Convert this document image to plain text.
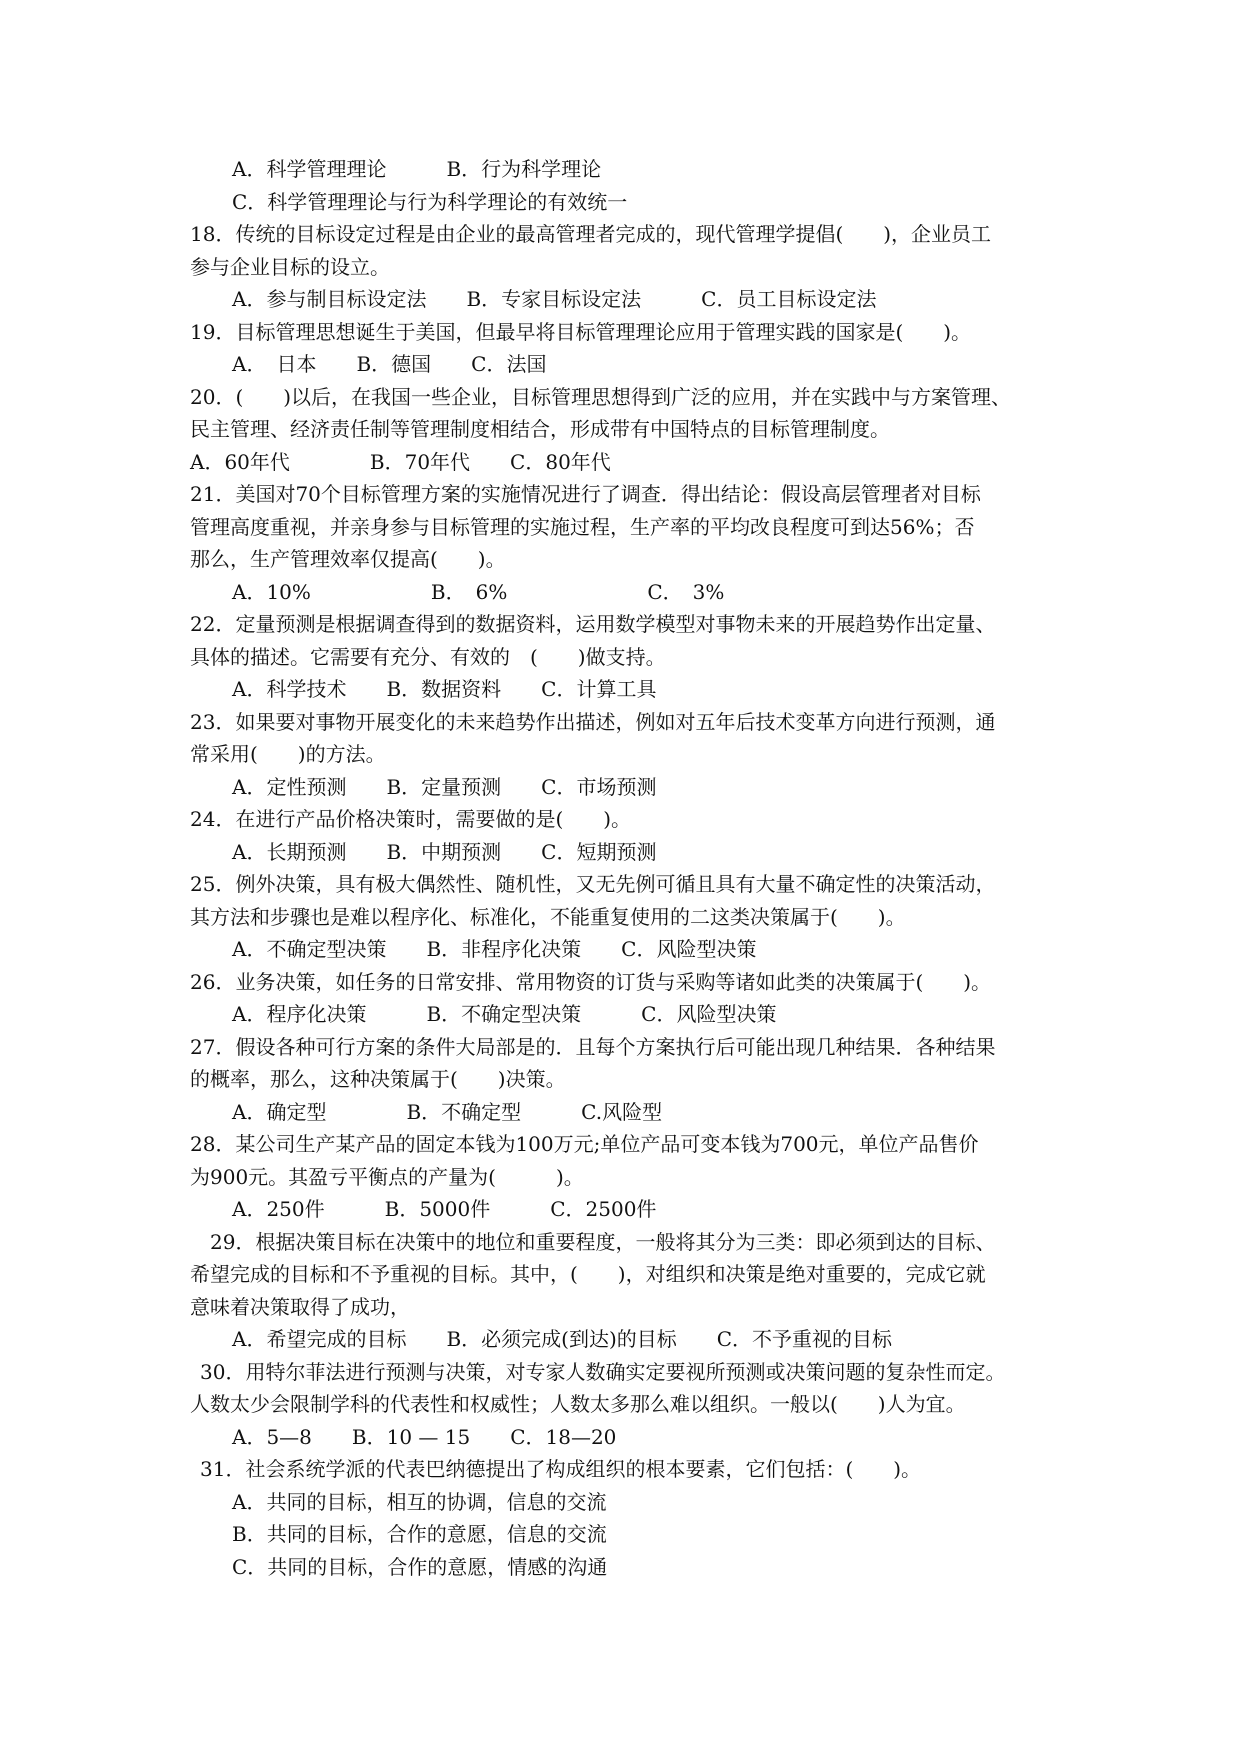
A．科学管理理论　　　B．行为科学理论
C．科学管理理论与行为科学理论的有效统一
18．传统的目标设定过程是由企业的最高管理者完成的，现代管理学提倡(　　)，企业员工
参与企业目标的设立。
A．参与制目标设定法　　B．专家目标设定法　　　C．员工目标设定法
19．目标管理思想诞生于美国，但最早将目标管理理论应用于管理实践的国家是(　　)。
A．　日本　　B．德国　　C．法国
20．(　　)以后，在我国一些企业，目标管理思想得到广泛的应用，并在实践中与方案管理、
民主管理、经济责任制等管理制度相结合，形成带有中国特点的目标管理制度。
A．60年代　　　　B．70年代　　C．80年代
21．美国对70个目标管理方案的实施情况进行了调查．得出结论：假设高层管理者对目标
管理高度重视，并亲身参与目标管理的实施过程，生产率的平均改良程度可到达56%；否
那么，生产管理效率仅提高(　　)。
A．10%　　　　　　B．　6%　　　　　　　C．　3%
22．定量预测是根据调查得到的数据资料，运用数学模型对事物未来的开展趋势作出定量、
具体的描述。它需要有充分、有效的　(　　)做支持。
A．科学技术　　B．数据资料　　C．计算工具
23．如果要对事物开展变化的未来趋势作出描述，例如对五年后技术变革方向进行预测，通
常采用(　　)的方法。
A．定性预测　　B．定量预测　　C．市场预测
24．在进行产品价格决策时，需要做的是(　　)。
A．长期预测　　B．中期预测　　C．短期预测
25．例外决策，具有极大偶然性、随机性，又无先例可循且具有大量不确定性的决策活动，
其方法和步骤也是难以程序化、标准化，不能重复使用的二这类决策属于(　　)。
A．不确定型决策　　B．非程序化决策　　C．风险型决策
26．业务决策，如任务的日常安排、常用物资的订货与采购等诸如此类的决策属于(　　)。
A．程序化决策　　　B．不确定型决策　　　C．风险型决策
27．假设各种可行方案的条件大局部是的．且每个方案执行后可能出现几种结果．各种结果
的概率，那么，这种决策属于(　　)决策。
A．确定型　　　　B．不确定型　　　C.风险型
28．某公司生产某产品的固定本钱为100万元;单位产品可变本钱为700元，单位产品售价
为900元。其盈亏平衡点的产量为(　　　)。
A．250件　　　B．5000件　　　C．2500件
29．根据决策目标在决策中的地位和重要程度，一般将其分为三类：即必须到达的目标、
希望完成的目标和不予重视的目标。其中，(　　)，对组织和决策是绝对重要的，完成它就
意味着决策取得了成功，
A．希望完成的目标　　B．必须完成(到达)的目标　　C．不予重视的目标
30．用特尔菲法进行预测与决策，对专家人数确实定要视所预测或决策问题的复杂性而定。
人数太少会限制学科的代表性和权威性；人数太多那么难以组织。一般以(　　)人为宜。
A．5—8　　B．10 — 15　　C．18—20
31．社会系统学派的代表巴纳德提出了构成组织的根本要素，它们包括：(　　)。
A．共同的目标，相互的协调，信息的交流
B．共同的目标，合作的意愿，信息的交流
C．共同的目标，合作的意愿，情感的沟通
